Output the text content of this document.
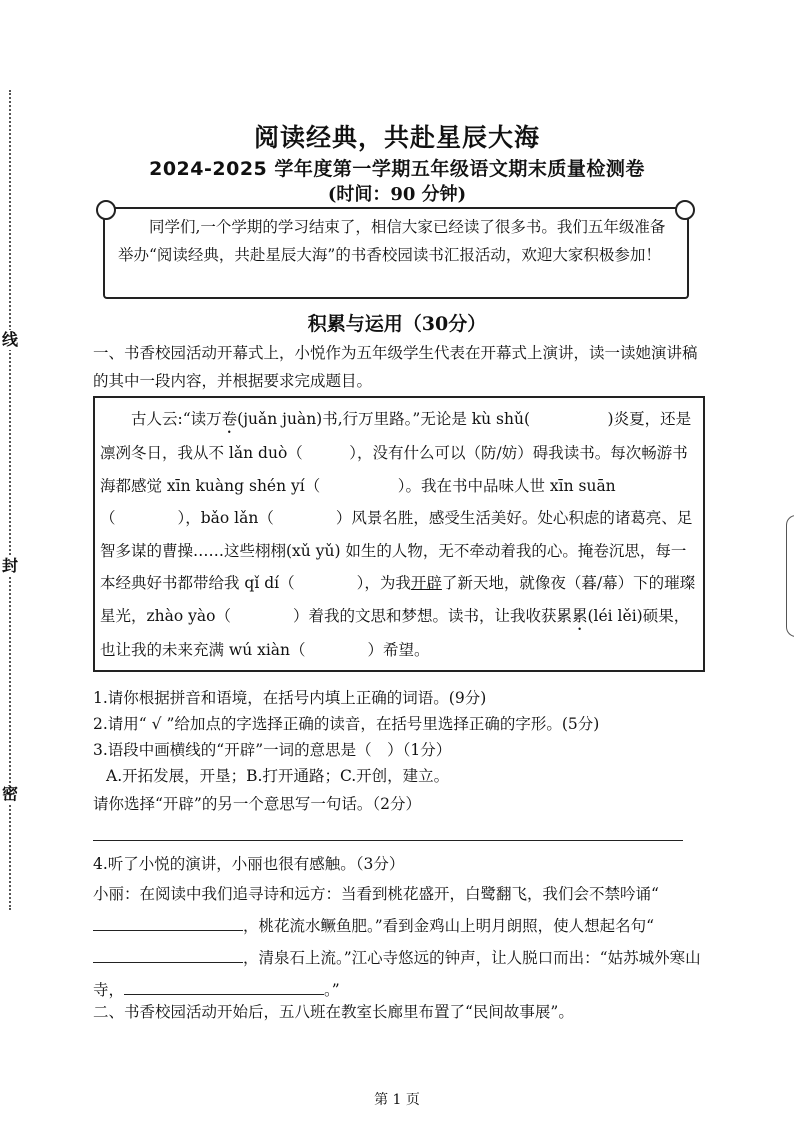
线
封
密
阅读经典，共赴星辰大海
2024-2025 学年度第一学期五年级语文期末质量检测卷
(时间：90 分钟)
同学们,一个学期的学习结束了，相信大家已经读了很多书。我们五年级准备举办“阅读经典，共赴星辰大海”的书香校园读书汇报活动，欢迎大家积极参加！
积累与运用（30分）
一、书香校园活动开幕式上，小悦作为五年级学生代表在开幕式上演讲，读一读她演讲稿的其中一段内容，并根据要求完成题目。
古人云:“读万卷(juǎn juàn)书,行万里路。”无论是 kù shǔ(　　　　　)炎夏，还是凛冽冬日，我从不 lǎn duò（　　　），没有什么可以（防/妨）碍我读书。每次畅游书海都感觉 xīn kuàng shén yí（　　　　　）。我在书中品味人世 xīn suān（　　　　），bǎo lǎn（　　　　）风景名胜，感受生活美好。处心积虑的诸葛亮、足智多谋的曹操……这些栩栩(xǔ yǔ) 如生的人物，无不牵动着我的心。掩卷沉思，每一本经典好书都带给我 qǐ dí（　　　　），为我开辟了新天地，就像夜（暮/幕）下的璀璨星光，zhào yào（　　　　）着我的文思和梦想。读书，让我收获累累(léi lěi)硕果，也让我的未来充满 wú xiàn（　　　　）希望。
1.请你根据拼音和语境，在括号内填上正确的词语。(9分)
2.请用“ √ ”给加点的字选择正确的读音，在括号里选择正确的字形。(5分)
3.语段中画横线的“开辟”一词的意思是（　）（1分）
A.开拓发展，开垦；B.打开通路；C.开创，建立。
请你选择“开辟”的另一个意思写一句话。（2分）
4.听了小悦的演讲，小丽也很有感触。（3分）
小丽：在阅读中我们追寻诗和远方：当看到桃花盛开，白鹭翻飞，我们会不禁吟诵“，桃花流水鳜鱼肥。”看到金鸡山上明月朗照，使人想起名句“，清泉石上流。”江心寺悠远的钟声，让人脱口而出：“姑苏城外寒山寺，	。”
二、书香校园活动开始后，五八班在教室长廊里布置了“民间故事展”。
第 1 页
